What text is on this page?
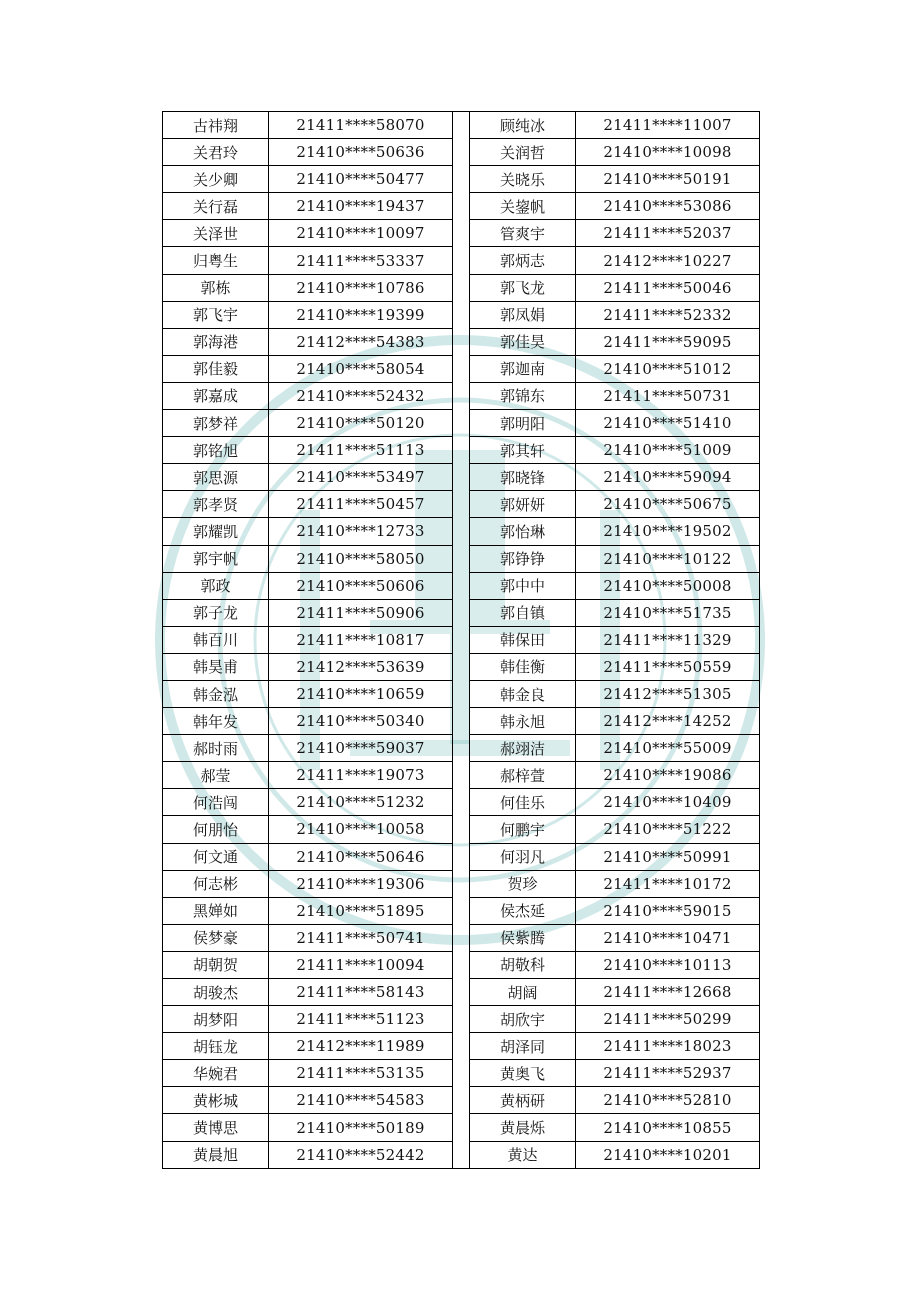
古祎翔	21411****58070		顾纯冰	21411****11007
关君玲	21410****50636		关润哲	21410****10098
关少卿	21410****50477		关晓乐	21410****50191
关行磊	21410****19437		关鋆帆	21410****53086
关泽世	21410****10097		管爽宇	21411****52037
归粤生	21411****53337		郭炳志	21412****10227
郭栋	21410****10786		郭飞龙	21411****50046
郭飞宇	21410****19399		郭凤娟	21411****52332
郭海港	21412****54383		郭佳昊	21411****59095
郭佳毅	21410****58054		郭迦南	21410****51012
郭嘉成	21410****52432		郭锦东	21411****50731
郭梦祥	21410****50120		郭明阳	21410****51410
郭铭旭	21411****51113		郭其轩	21410****51009
郭思源	21410****53497		郭晓锋	21410****59094
郭孝贤	21411****50457		郭妍妍	21410****50675
郭耀凯	21410****12733		郭怡琳	21410****19502
郭宇帆	21410****58050		郭铮铮	21410****10122
郭政	21410****50606		郭中中	21410****50008
郭子龙	21411****50906		郭自镇	21410****51735
韩百川	21411****10817		韩保田	21411****11329
韩昊甫	21412****53639		韩佳衡	21411****50559
韩金泓	21410****10659		韩金良	21412****51305
韩年发	21410****50340		韩永旭	21412****14252
郝时雨	21410****59037		郝翊洁	21410****55009
郝莹	21411****19073		郝梓萱	21410****19086
何浩闯	21410****51232		何佳乐	21410****10409
何朋怡	21410****10058		何鹏宇	21410****51222
何文通	21410****50646		何羽凡	21410****50991
何志彬	21410****19306		贺珍	21411****10172
黑婵如	21410****51895		侯杰延	21410****59015
侯梦豪	21411****50741		侯紫腾	21410****10471
胡朝贺	21411****10094		胡敬科	21410****10113
胡骏杰	21411****58143		胡阔	21411****12668
胡梦阳	21411****51123		胡欣宇	21411****50299
胡钰龙	21412****11989		胡泽同	21411****18023
华婉君	21411****53135		黄奥飞	21411****52937
黄彬城	21410****54583		黄柄研	21410****52810
黄博思	21410****50189		黄晨烁	21410****10855
黄晨旭	21410****52442		黄达	21410****10201
